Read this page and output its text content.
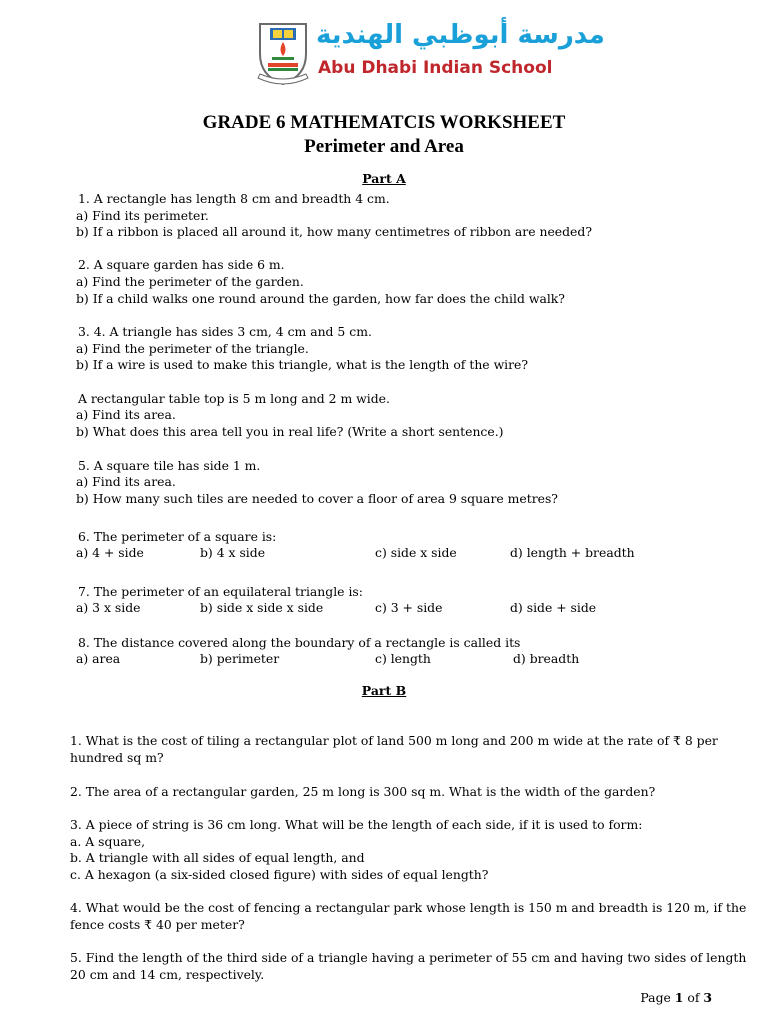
مدرسة أبوظبي الهندية
Abu Dhabi Indian School
GRADE 6 MATHEMATCIS WORKSHEET
Perimeter and Area
Part A
1. A rectangle has length 8 cm and breadth 4 cm.
a) Find its perimeter.
b) If a ribbon is placed all around it, how many centimetres of ribbon are needed?
2. A square garden has side 6 m.
a) Find the perimeter of the garden.
b) If a child walks one round around the garden, how far does the child walk?
3. 4. A triangle has sides 3 cm, 4 cm and 5 cm.
a) Find the perimeter of the triangle.
b) If a wire is used to make this triangle, what is the length of the wire?
A rectangular table top is 5 m long and 2 m wide.
a) Find its area.
b) What does this area tell you in real life? (Write a short sentence.)
5. A square tile has side 1 m.
a) Find its area.
b) How many such tiles are needed to cover a floor of area 9 square metres?
6. The perimeter of a square is:
a) 4 + side	b) 4 x side	c) side x side	d) length + breadth
7. The perimeter of an equilateral triangle is:
a) 3 x side	b) side x side x side	c) 3 + side	d) side + side
8. The distance covered along the boundary of a rectangle is called its
a) area	b) perimeter	c) length	d) breadth
Part B
1. What is the cost of tiling a rectangular plot of land 500 m long and 200 m wide at the rate of ₹ 8 per
hundred sq m?
2. The area of a rectangular garden, 25 m long is 300 sq m. What is the width of the garden?
3. A piece of string is 36 cm long. What will be the length of each side, if it is used to form:
a. A square,
b. A triangle with all sides of equal length, and
c. A hexagon (a six-sided closed figure) with sides of equal length?
4. What would be the cost of fencing a rectangular park whose length is 150 m and breadth is 120 m, if the
fence costs ₹ 40 per meter?
5. Find the length of the third side of a triangle having a perimeter of 55 cm and having two sides of length
20 cm and 14 cm, respectively.
Page 1 of 3
